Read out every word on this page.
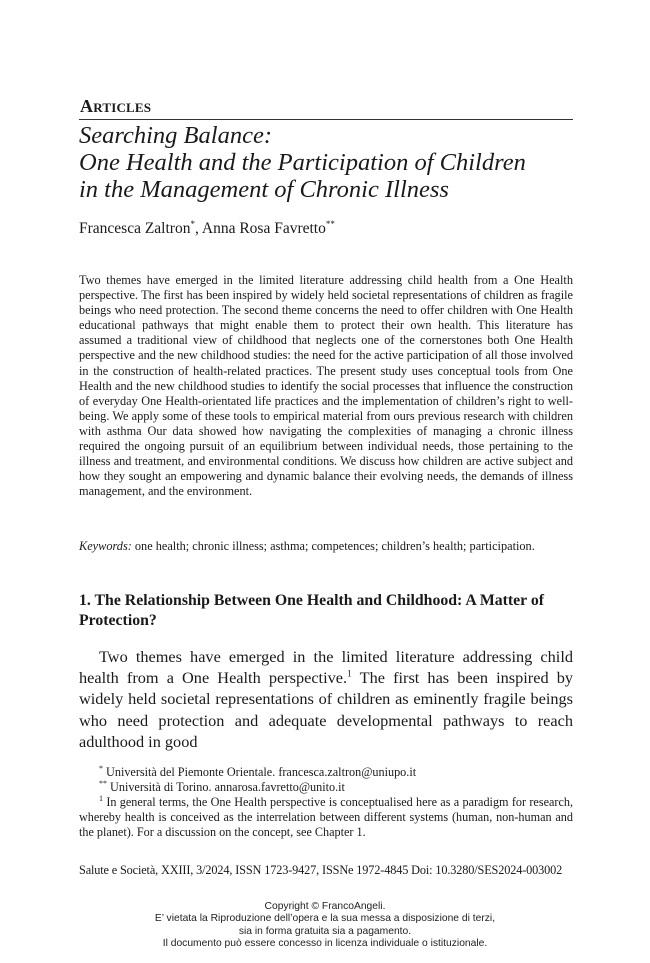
Articles
Searching Balance:
One Health and the Participation of Children
in the Management of Chronic Illness
Francesca Zaltron*, Anna Rosa Favretto**

Two themes have emerged in the limited literature addressing child health from a One Health perspective. The first has been inspired by widely held societal representations of children as fragile beings who need protection. The second theme concerns the need to offer children with One Health educational pathways that might enable them to protect their own health. This literature has assumed a traditional view of childhood that neglects one of the cornerstones both One Health perspective and the new childhood studies: the need for the active participation of all those involved in the construction of health-related practices. The present study uses conceptual tools from One Health and the new childhood studies to identify the social processes that influence the construction of everyday One Health-orientated life practices and the implementation of children’s right to well-being. We apply some of these tools to empirical material from ours previous research with children with asthma Our data showed how navigating the complexities of managing a chronic illness required the ongoing pursuit of an equilibrium between individual needs, those pertaining to the illness and treatment, and environmental conditions. We discuss how children are active subject and how they sought an empowering and dynamic balance their evolving needs, the demands of illness management, and the environment.

Keywords: one health; chronic illness; asthma; competences; children’s health; participation.

1. The Relationship Between One Health and Childhood: A Matter of Protection?

Two themes have emerged in the limited literature addressing child health from a One Health perspective.$^1$ The first has been inspired by widely held societal representations of children as eminently fragile beings who need protection and adequate developmental pathways to reach adulthood in good

* Università del Piemonte Orientale. francesca.zaltron@uniupo.it

** Università di Torino. annarosa.favretto@unito.it

$^1$ In general terms, the One Health perspective is conceptualised here as a paradigm for research, whereby health is conceived as the interrelation between different systems (human, non-human and the planet). For a discussion on the concept, see Chapter 1.

Salute e Società, XXIII, 3/2024, ISSN 1723-9427, ISSNe 1972-4845 Doi: 10.3280/SES2024-003002

Copyright © FrancoAngeli.
E’ vietata la Riproduzione dell’opera e la sua messa a disposizione di terzi,
sia in forma gratuita sia a pagamento.
Il documento può essere concesso in licenza individuale o istituzionale.
